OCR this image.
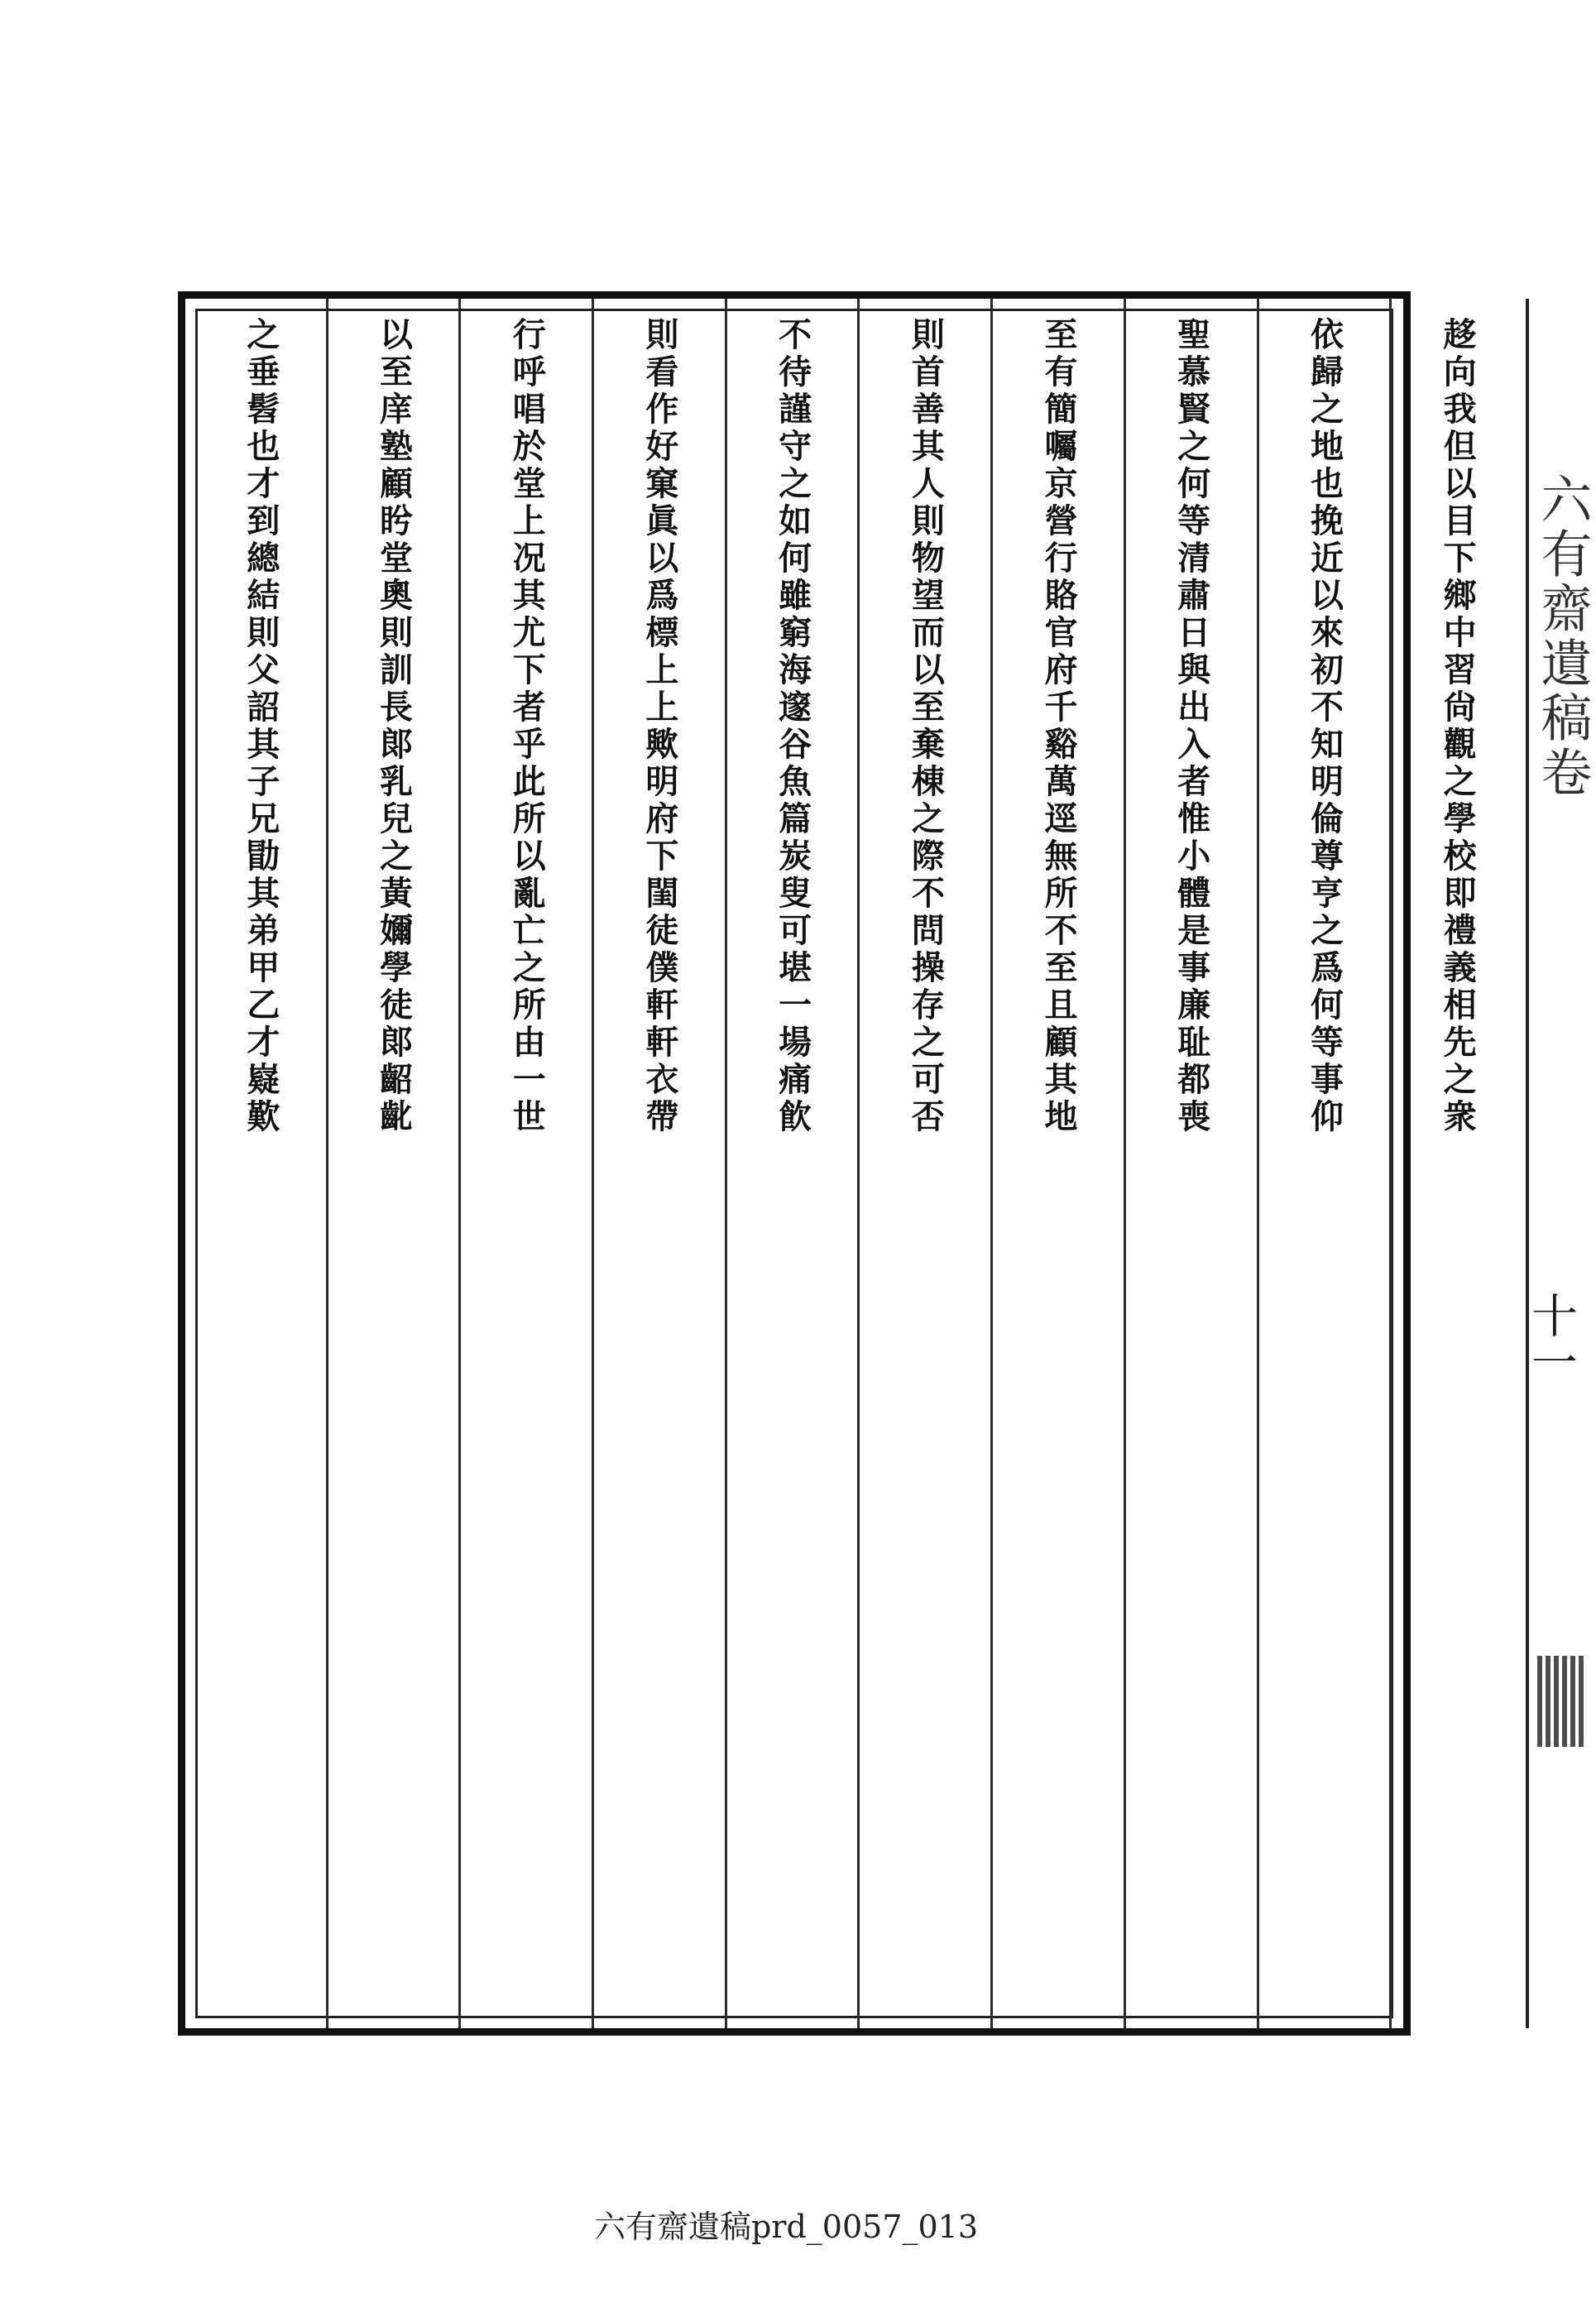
趍向我但以目下鄉中習尙觀之學校即禮義相先之衆
依歸之地也挽近以來初不知明倫尊亨之爲何等事仰
聖慕賢之何等清肅日與出入者惟小體是事廉耻都喪
至有簡囑京營行賂官府千谿萬逕無所不至且顧其地
則首善其人則物望而以至棄棟之際不問操存之可否
不待謹守之如何雖窮海邃谷魚篇炭叟可堪一場痛飮
則看作好窠眞以爲標上上歟明府下閨徒僕軒軒衣帶
行呼唱於堂上况其尤下者乎此所以亂亡之所由一世
以至庠塾顧盻堂奧則訓長郞乳兒之黃嬭學徒郞齠齔
之垂髫也才到總結則父詔其子兄勖其弟甲乙才嶷歎	六有齋遺稿卷
十一
六有齋遺稿prd_0057_013
